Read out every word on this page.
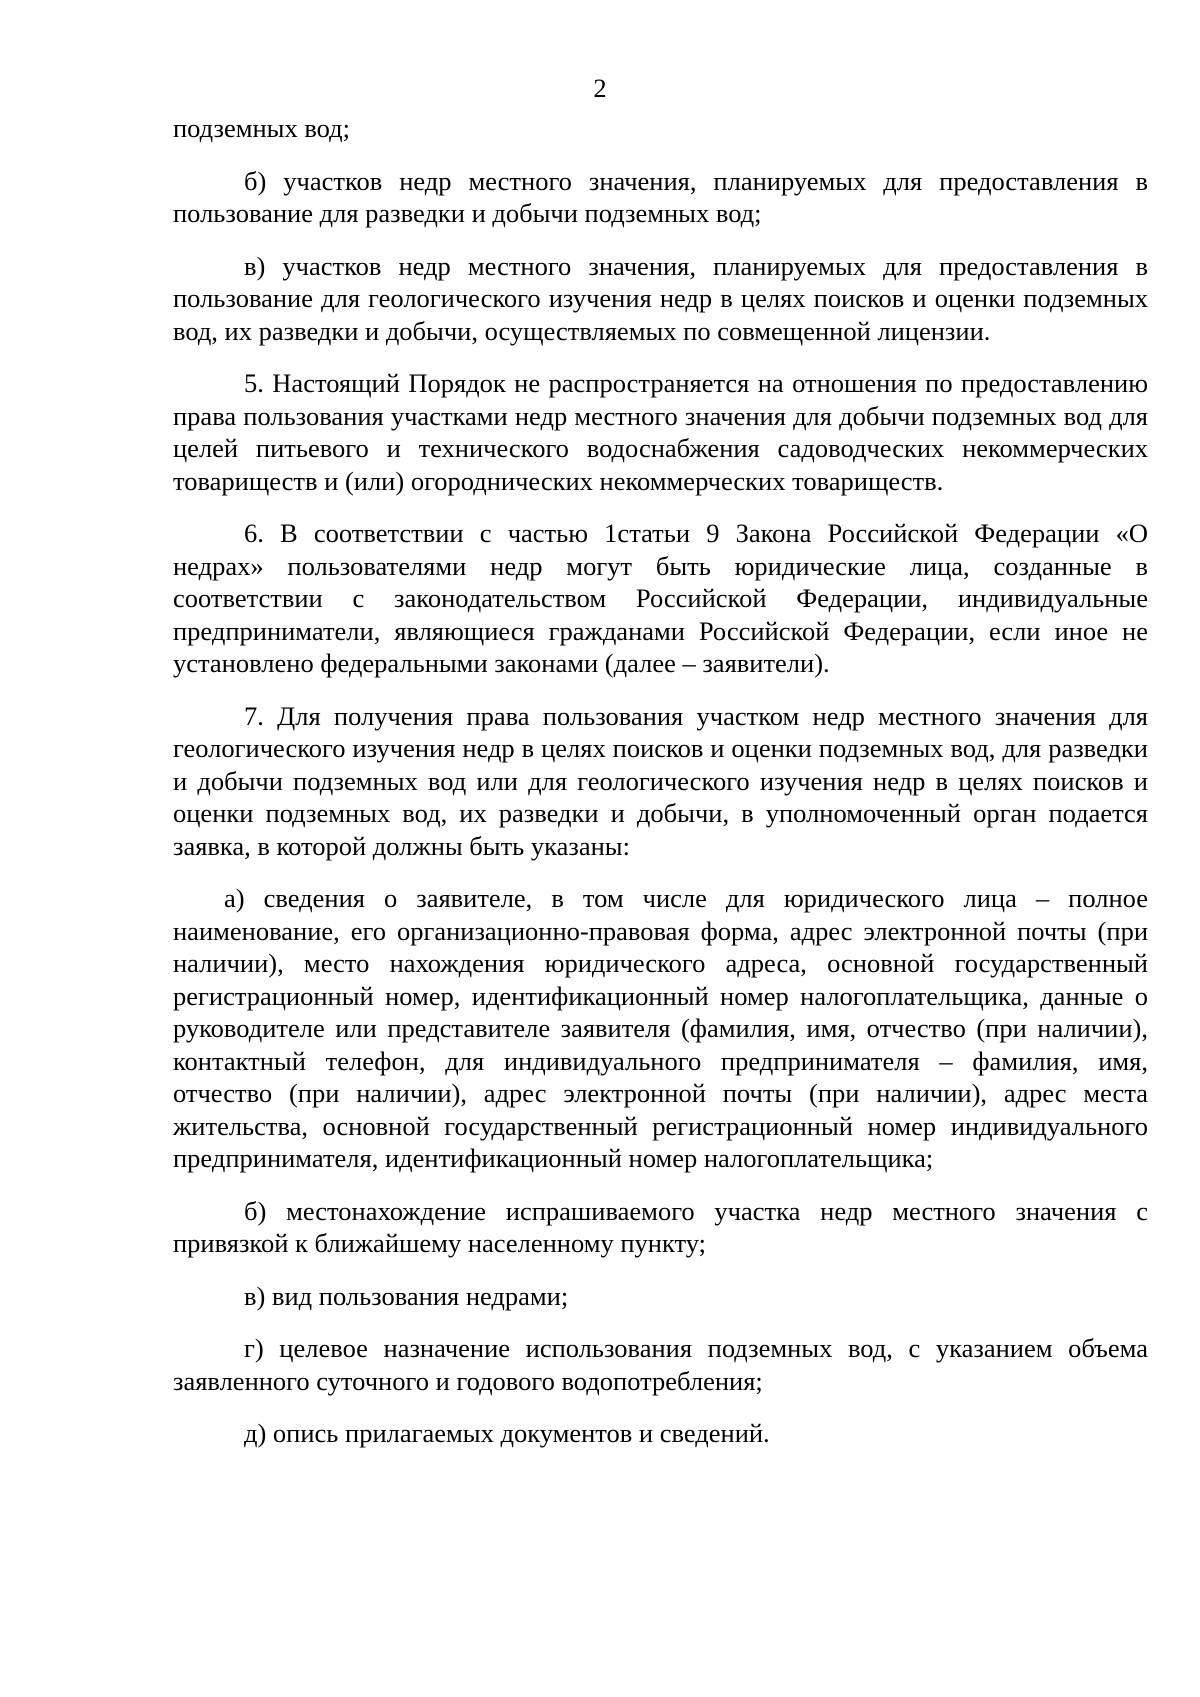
2

подземных вод;

б) участков недр местного значения, планируемых для предоставления в пользование для разведки и добычи подземных вод;

в) участков недр местного значения, планируемых для предоставления в пользование для геологического изучения недр в целях поисков и оценки подземных вод, их разведки и добычи, осуществляемых по совмещенной лицензии.

5. Настоящий Порядок не распространяется на отношения по предоставлению права пользования участками недр местного значения для добычи подземных вод для целей питьевого и технического водоснабжения садоводческих некоммерческих товариществ и (или) огороднических некоммерческих товариществ.

6. В соответствии с частью 1статьи 9 Закона Российской Федерации «О недрах» пользователями недр могут быть юридические лица, созданные в соответствии с законодательством Российской Федерации, индивидуальные предприниматели, являющиеся гражданами Российской Федерации, если иное не установлено федеральными законами (далее – заявители).

7. Для получения права пользования участком недр местного значения для геологического изучения недр в целях поисков и оценки подземных вод, для разведки и добычи подземных вод или для геологического изучения недр в целях поисков и оценки подземных вод, их разведки и добычи, в уполномоченный орган подается заявка, в которой должны быть указаны:

а) сведения о заявителе, в том числе для юридического лица – полное наименование, его организационно-правовая форма, адрес электронной почты (при наличии), место нахождения юридического адреса, основной государственный регистрационный номер, идентификационный номер налогоплательщика, данные о руководителе или представителе заявителя (фамилия, имя, отчество (при наличии), контактный телефон, для индивидуального предпринимателя – фамилия, имя, отчество (при наличии), адрес электронной почты (при наличии), адрес места жительства, основной государственный регистрационный номер индивидуального предпринимателя, идентификационный номер налогоплательщика;

б) местонахождение испрашиваемого участка недр местного значения с привязкой к ближайшему населенному пункту;

в) вид пользования недрами;

г) целевое назначение использования подземных вод, с указанием объема заявленного суточного и годового водопотребления;

д) опись прилагаемых документов и сведений.
